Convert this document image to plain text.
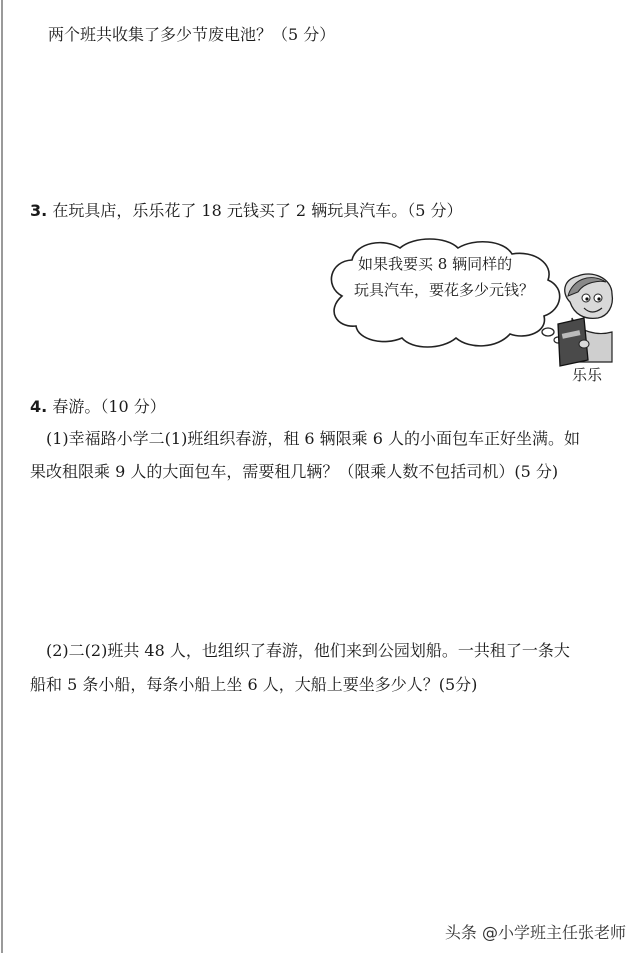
两个班共收集了多少节废电池？（5 分）
3. 在玩具店，乐乐花了 18 元钱买了 2 辆玩具汽车。（5 分）
如果我要买 8 辆同样的
玩具汽车，要花多少元钱？
乐乐
4. 春游。（10 分）
(1)幸福路小学二(1)班组织春游，租 6 辆限乘 6 人的小面包车正好坐满。如
果改租限乘 9 人的大面包车，需要租几辆？（限乘人数不包括司机）(5 分)
(2)二(2)班共 48 人，也组织了春游，他们来到公园划船。一共租了一条大
船和 5 条小船，每条小船上坐 6 人，大船上要坐多少人？(5分)
头条 @小学班主任张老师
